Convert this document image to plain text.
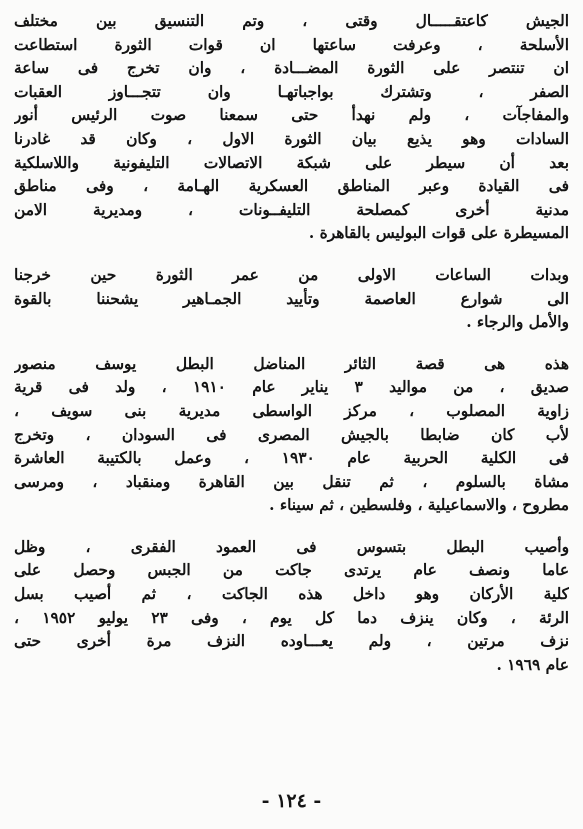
الجيش كاعتقـــــال وقتى ، وتم التنسيق بين مختلف
الأسلحة ، وعرفت ساعتها ان قوات الثورة استطاعت
ان تنتصر على الثورة المضـــادة ، وان تخرج فى ساعة
الصفر ، وتشترك بواجباتهـا وان تتجـــاوز العقبات
والمفاجآت ، ولم نهدأ حتى سمعنا صوت الرئيس أنور
السادات وهو يذيع بيان الثورة الاول ، وكان قد غادرنا
بعد أن سيطر على شبكة الاتصالات التليفونية واللاسلكية
فى القيادة وعبر المناطق العسكرية الهـامة ، وفى مناطق
مدنية أخرى كمصلحة التليفــونات ، ومديرية الامن
المسيطرة على قوات البوليس بالقاهرة .
وبدات الساعات الاولى من عمر الثورة حين خرجنا
الى شوارع العاصمة وتأييد الجمـاهير يشحننا بالقوة
والأمل والرجاء .
هذه هى قصة الثائر المناضل البطل يوسف منصور
صديق ، من مواليد ٣ يناير عام ١٩١٠ ، ولد فى قرية
زاوية المصلوب ، مركز الواسطى مديرية بنى سويف ،
لأب كان ضابطا بالجيش المصرى فى السودان ، وتخرج
فى الكلية الحربية عام ١٩٣٠ ، وعمل بالكتيبة العاشرة
مشاة بالسلوم ، ثم تنقل بين القاهرة ومنقباد ، ومرسى
مطروح ، والاسماعيلية ، وفلسطين ، ثم سيناء .
وأصيب البطل بتسوس فى العمود الفقرى ، وظل
عاما ونصف عام يرتدى جاكت من الجبس وحصل على
كلية الأركان وهو داخل هذه الجاكت ، ثم أصيب بسل
الرئة ، وكان ينزف دما كل يوم ، وفى ٢٣ يوليو ١٩٥٢ ،
نزف مرتين ، ولم يعـــاوده النزف مرة أخرى حتى
عام ١٩٦٩ .
- ١٢٤ -
